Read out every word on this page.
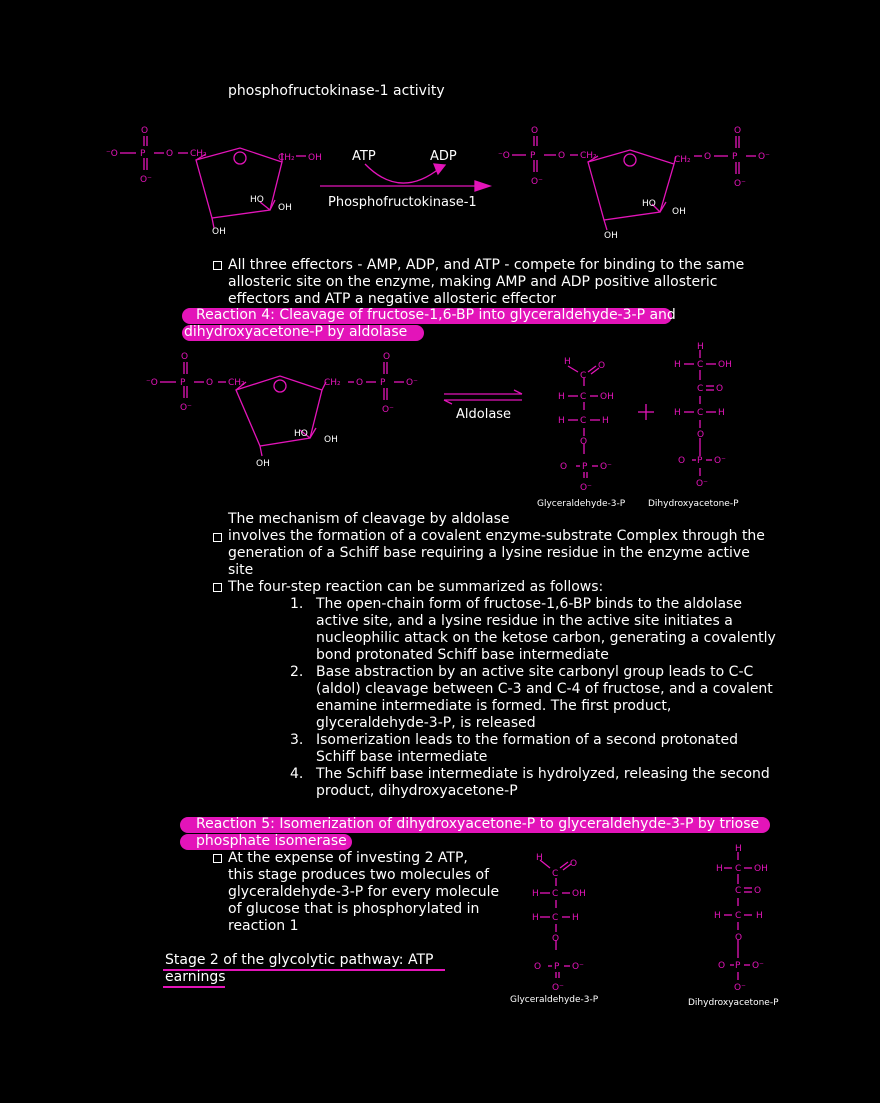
phosphofructokinase-1 activity
O
⁻O P O
O⁻
CH₂	CH₂ OH
HO
OH
OH
ATP	ADP
Phosphofructokinase-1
O
⁻O P	O
O⁻
CH₂	CH₂ O
O
P O⁻
O⁻
HO
OH
OH
All three effectors - AMP, ADP, and ATP - compete for binding to the same
allosteric site on the enzyme, making AMP and ADP positive allosteric
effectors and ATP a negative allosteric effector
Reaction 4: Cleavage of fructose-1,6-BP into glyceraldehyde-3-P and
dihydroxyacetone-P by aldolase
O
⁻O P O
O⁻
CH₂	CH₂ O
O
P O⁻
O⁻
HO
OH
OH
Aldolase
H
C
O
H C OH
H C H
O
O P O⁻
O⁻
H
H C OH
C O
H C H
O
O P O⁻
O⁻
Glyceraldehyde-3-P	Dihydroxyacetone-P
The mechanism of cleavage by aldolase
involves the formation of a covalent enzyme-substrate Complex through the
generation of a Schiff base requiring a lysine residue in the enzyme active
site
The four-step reaction can be summarized as follows:
1. The open-chain form of fructose-1,6-BP binds to the aldolase
active site, and a lysine residue in the active site initiates a
nucleophilic attack on the ketose carbon, generating a covalently
bond protonated Schiff base intermediate
2. Base abstraction by an active site carbonyl group leads to C-C
(aldol) cleavage between C-3 and C-4 of fructose, and a covalent
enamine intermediate is formed. The first product,
glyceraldehyde-3-P, is released
3. Isomerization leads to the formation of a second protonated
Schiff base intermediate
4. The Schiff base intermediate is hydrolyzed, releasing the second
product, dihydroxyacetone-P
Reaction 5: Isomerization of dihydroxyacetone-P to glyceraldehyde-3-P by triose
phosphate isomerase
At the expense of investing 2 ATP,
this stage produces two molecules of
glyceraldehyde-3-P for every molecule
of glucose that is phosphorylated in
reaction 1
H
C
O
H C OH
H C H
O
O P O⁻
O⁻
H
H C OH
C O
H C H
O
O P O⁻
O⁻
Glyceraldehyde-3-P	Dihydroxyacetone-P
Stage 2 of the glycolytic pathway: ATP
earnings
